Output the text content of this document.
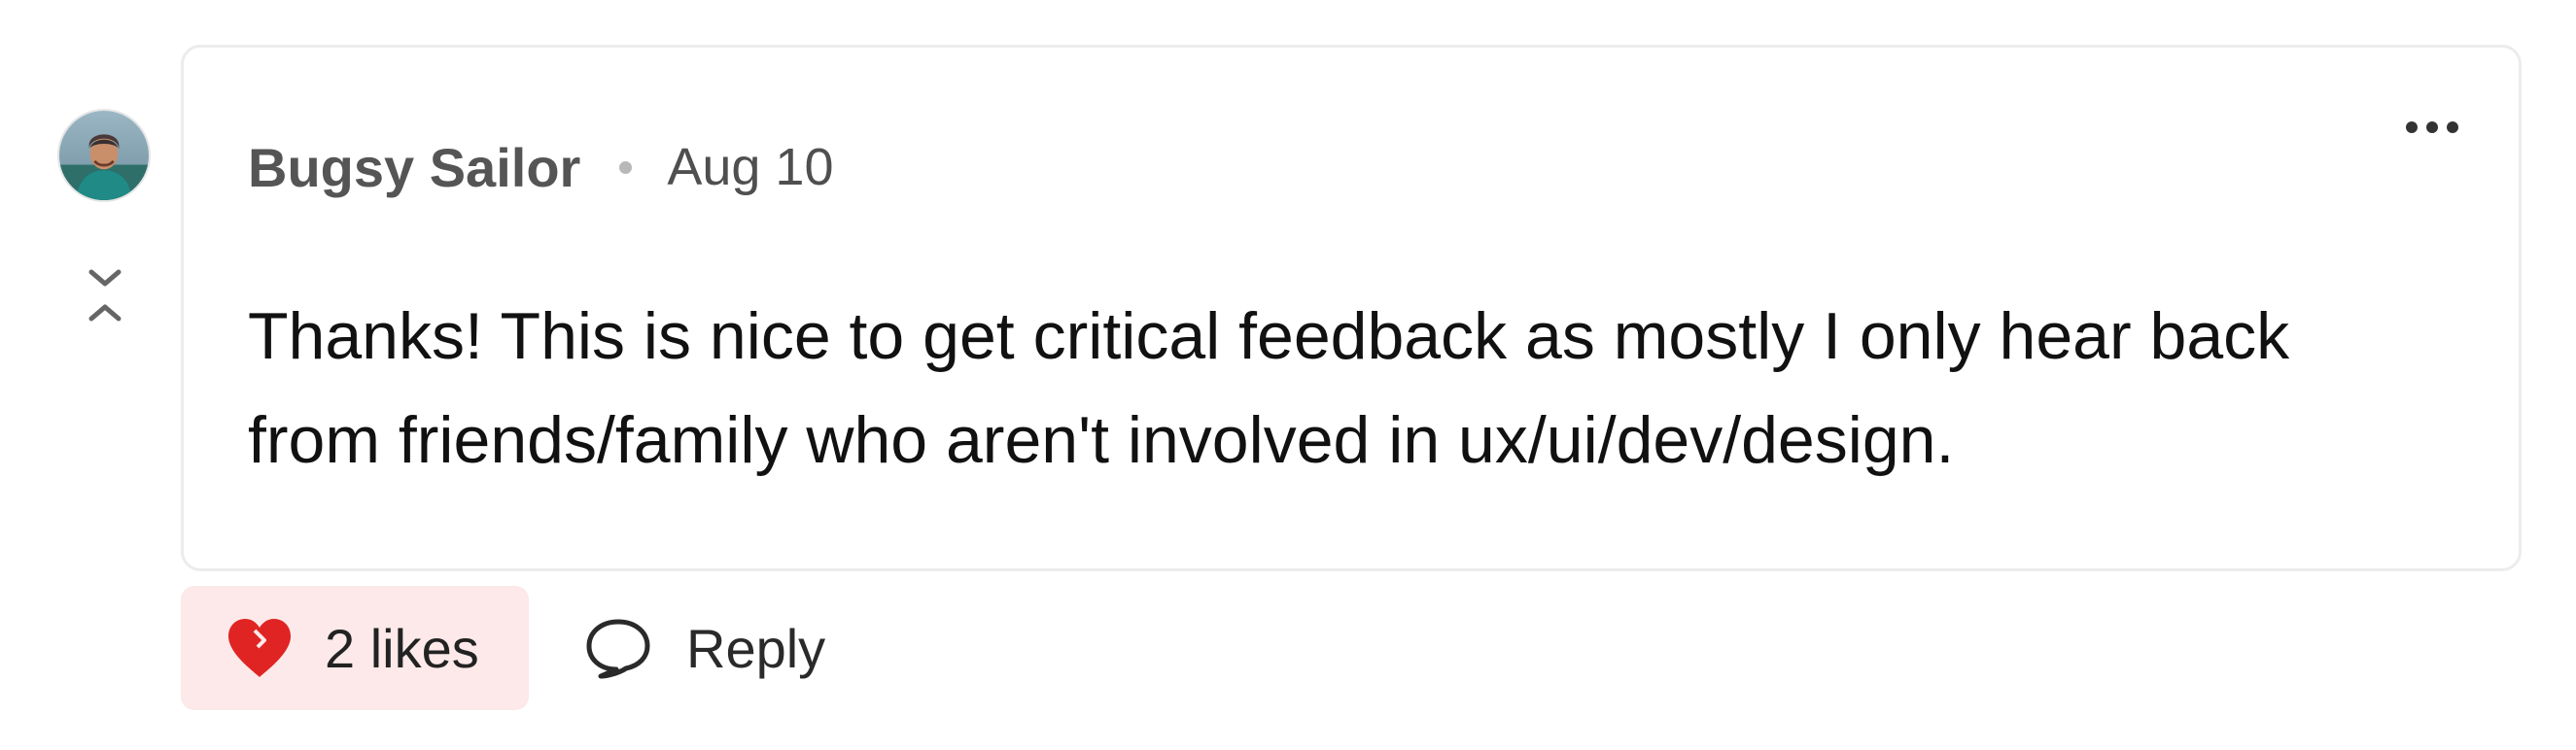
Bugsy Sailor Aug 10

Thanks! This is nice to get critical feedback as mostly I only hear back
from friends/family who aren't involved in ux/ui/dev/design.

2 likes	Reply
